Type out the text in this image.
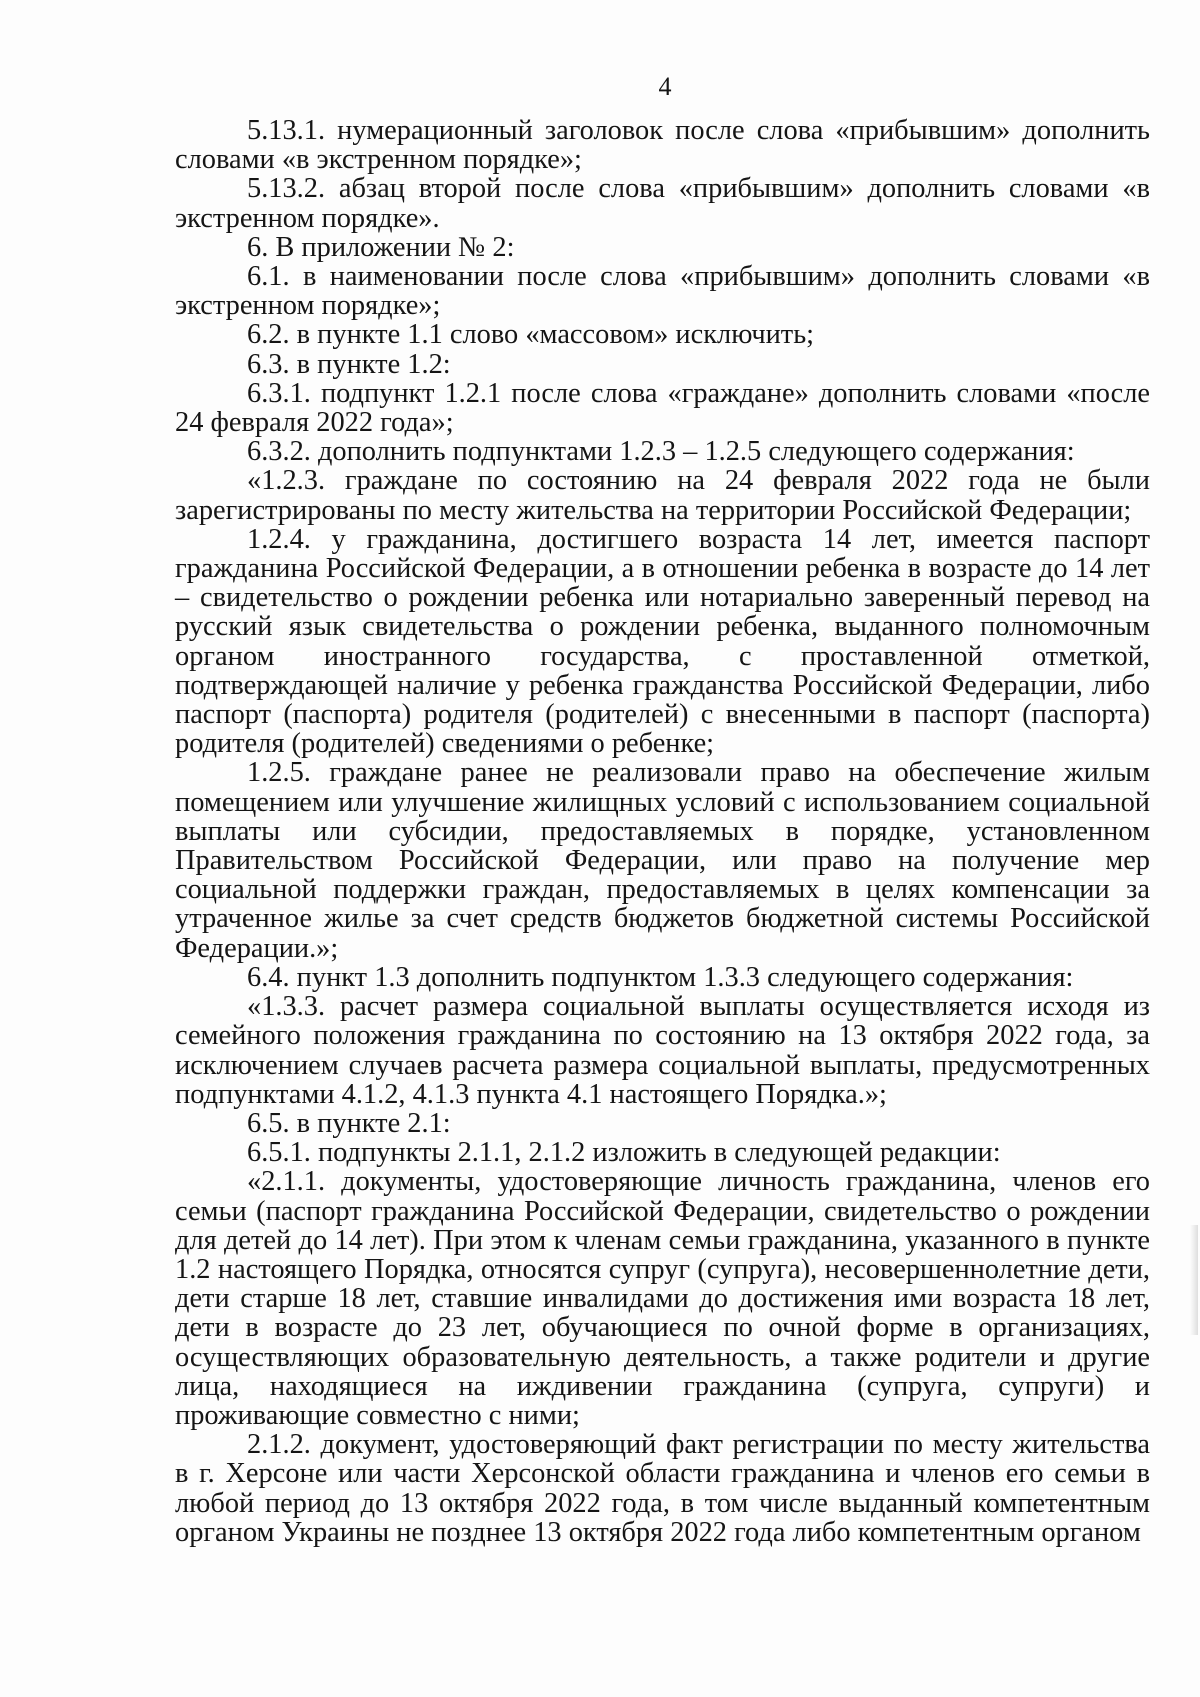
4

5.13.1. нумерационный заголовок после слова «прибывшим» дополнить словами «в экстренном порядке»;

5.13.2. абзац второй после слова «прибывшим» дополнить словами «в экстренном порядке».

6. В приложении № 2:

6.1. в наименовании после слова «прибывшим» дополнить словами «в экстренном порядке»;

6.2. в пункте 1.1 слово «массовом» исключить;

6.3. в пункте 1.2:

6.3.1. подпункт 1.2.1 после слова «граждане» дополнить словами «после 24 февраля 2022 года»;

6.3.2. дополнить подпунктами 1.2.3 – 1.2.5 следующего содержания:

«1.2.3. граждане по состоянию на 24 февраля 2022 года не были зарегистрированы по месту жительства на территории Российской Федерации;

1.2.4. у гражданина, достигшего возраста 14 лет, имеется паспорт гражданина Российской Федерации, а в отношении ребенка в возрасте до 14 лет – свидетельство о рождении ребенка или нотариально заверенный перевод на русский язык свидетельства о рождении ребенка, выданного полномочным органом иностранного государства, с проставленной отметкой, подтверждающей наличие у ребенка гражданства Российской Федерации, либо паспорт (паспорта) родителя (родителей) с внесенными в паспорт (паспорта) родителя (родителей) сведениями о ребенке;

1.2.5. граждане ранее не реализовали право на обеспечение жилым помещением или улучшение жилищных условий с использованием социальной выплаты или субсидии, предоставляемых в порядке, установленном Правительством Российской Федерации, или право на получение мер социальной поддержки граждан, предоставляемых в целях компенсации за утраченное жилье за счет средств бюджетов бюджетной системы Российской Федерации.»;

6.4. пункт 1.3 дополнить подпунктом 1.3.3 следующего содержания:

«1.3.3. расчет размера социальной выплаты осуществляется исходя из семейного положения гражданина по состоянию на 13 октября 2022 года, за исключением случаев расчета размера социальной выплаты, предусмотренных подпунктами 4.1.2, 4.1.3 пункта 4.1 настоящего Порядка.»;

6.5. в пункте 2.1:

6.5.1. подпункты 2.1.1, 2.1.2 изложить в следующей редакции:

«2.1.1. документы, удостоверяющие личность гражданина, членов его семьи (паспорт гражданина Российской Федерации, свидетельство о рождении для детей до 14 лет). При этом к членам семьи гражданина, указанного в пункте 1.2 настоящего Порядка, относятся супруг (супруга), несовершеннолетние дети, дети старше 18 лет, ставшие инвалидами до достижения ими возраста 18 лет, дети в возрасте до 23 лет, обучающиеся по очной форме в организациях, осуществляющих образовательную деятельность, а также родители и другие лица, находящиеся на иждивении гражданина (супруга, супруги) и проживающие совместно с ними;

2.1.2. документ, удостоверяющий факт регистрации по месту жительства в г. Херсоне или части Херсонской области гражданина и членов его семьи в любой период до 13 октября 2022 года, в том числе выданный компетентным органом Украины не позднее 13 октября 2022 года либо компетентным органом
